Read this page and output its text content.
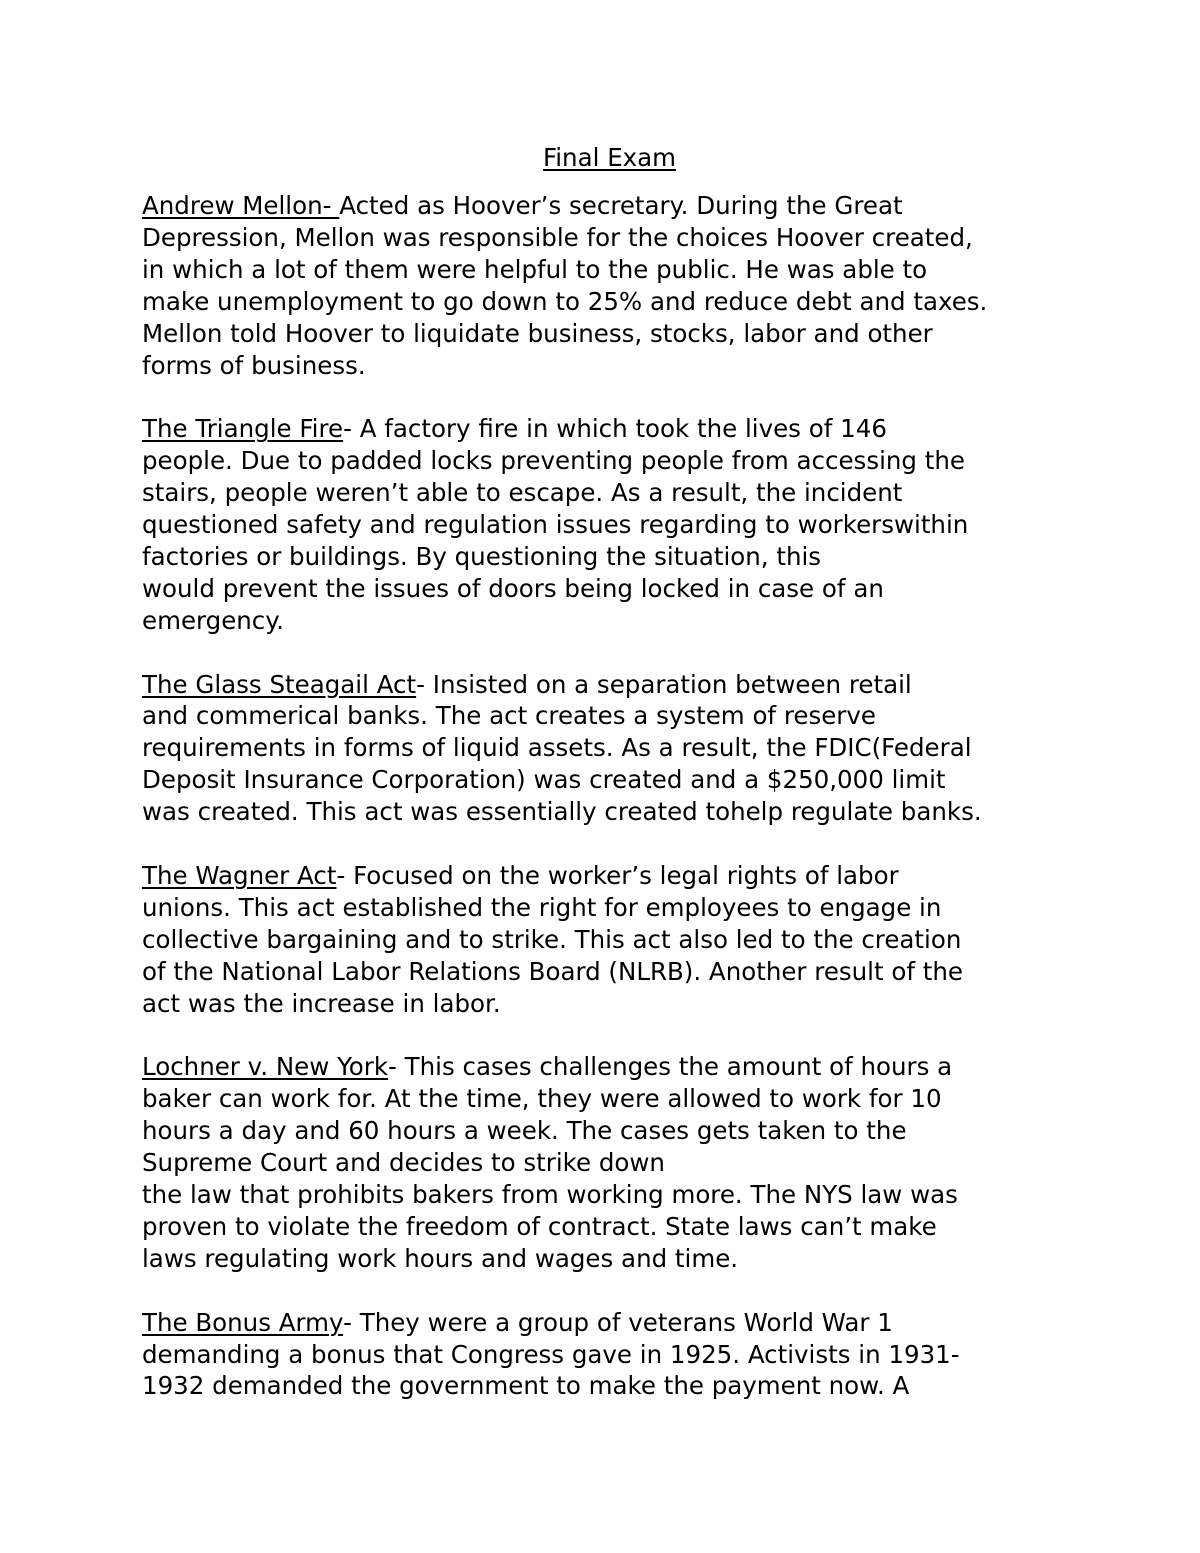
Final Exam
Andrew Mellon- Acted as Hoover’s secretary. During the Great
Depression, Mellon was responsible for the choices Hoover created,
in which a lot of them were helpful to the public. He was able to
make unemployment to go down to 25% and reduce debt and taxes.
Mellon told Hoover to liquidate business, stocks, labor and other
forms of business.
The Triangle Fire- A factory fire in which took the lives of 146
people. Due to padded locks preventing people from accessing the
stairs, people weren’t able to escape. As a result, the incident
questioned safety and regulation issues regarding to workerswithin
factories or buildings. By questioning the situation, this
would prevent the issues of doors being locked in case of an
emergency.
The Glass Steagail Act- Insisted on a separation between retail
and commerical banks. The act creates a system of reserve
requirements in forms of liquid assets. As a result, the FDIC(Federal
Deposit Insurance Corporation) was created and a $250,000 limit
was created. This act was essentially created tohelp regulate banks.
The Wagner Act- Focused on the worker’s legal rights of labor
unions. This act established the right for employees to engage in
collective bargaining and to strike. This act also led to the creation
of the National Labor Relations Board (NLRB). Another result of the
act was the increase in labor.
Lochner v. New York- This cases challenges the amount of hours a
baker can work for. At the time, they were allowed to work for 10
hours a day and 60 hours a week. The cases gets taken to the
Supreme Court and decides to strike down
the law that prohibits bakers from working more. The NYS law was
proven to violate the freedom of contract. State laws can’t make
laws regulating work hours and wages and time.
The Bonus Army- They were a group of veterans World War 1
demanding a bonus that Congress gave in 1925. Activists in 1931-
1932 demanded the government to make the payment now. A
